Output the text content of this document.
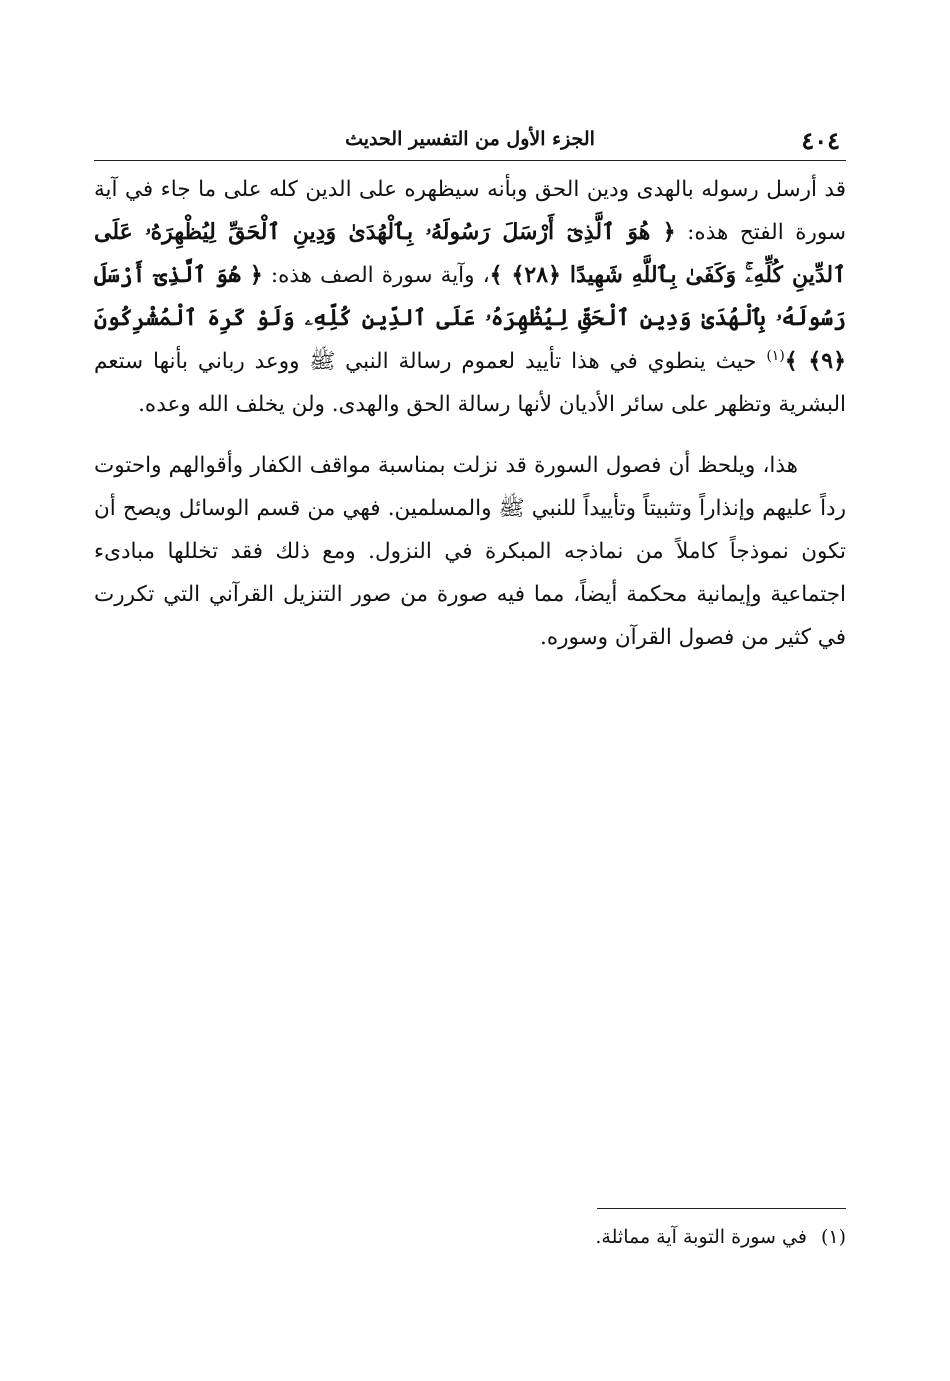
٤٠٤
الجزء الأول من التفسير الحديث

قد أرسل رسوله بالهدى ودين الحق وبأنه سيظهره على الدين كله على ما جاء في آية سورة الفتح هذه: ﴿ هُوَ ٱلَّذِىٓ أَرْسَلَ رَسُولَهُۥ بِٱلْهُدَىٰ وَدِينِ ٱلْحَقِّ لِيُظْهِرَهُۥ عَلَى ٱلدِّينِ كُلِّهِۦۚ وَكَفَىٰ بِٱللَّهِ شَهِيدًا ﴿٢٨﴾ ﴾، وآية سورة الصف هذه: ﴿ هُوَ ٱلَّذِىٓ أَرْسَلَ رَسُولَهُۥ بِٱلْهُدَىٰ وَدِينِ ٱلْحَقِّ لِيُظْهِرَهُۥ عَلَى ٱلدِّينِ كُلِّهِۦ وَلَوْ كَرِهَ ٱلْمُشْرِكُونَ ﴿٩﴾ ﴾$^{(١)}$ حيث ينطوي في هذا تأييد لعموم رسالة النبي ﷺ ووعد رباني بأنها ستعم البشرية وتظهر على سائر الأديان لأنها رسالة الحق والهدى. ولن يخلف الله وعده.

هذا، ويلحظ أن فصول السورة قد نزلت بمناسبة مواقف الكفار وأقوالهم واحتوت رداً عليهم وإنذاراً وتثبيتاً وتأييداً للنبي ﷺ والمسلمين. فهي من قسم الوسائل ويصح أن تكون نموذجاً كاملاً من نماذجه المبكرة في النزول. ومع ذلك فقد تخللها مبادىء اجتماعية وإيمانية محكمة أيضاً، مما فيه صورة من صور التنزيل القرآني التي تكررت في كثير من فصول القرآن وسوره.

(١)في سورة التوبة آية مماثلة.
